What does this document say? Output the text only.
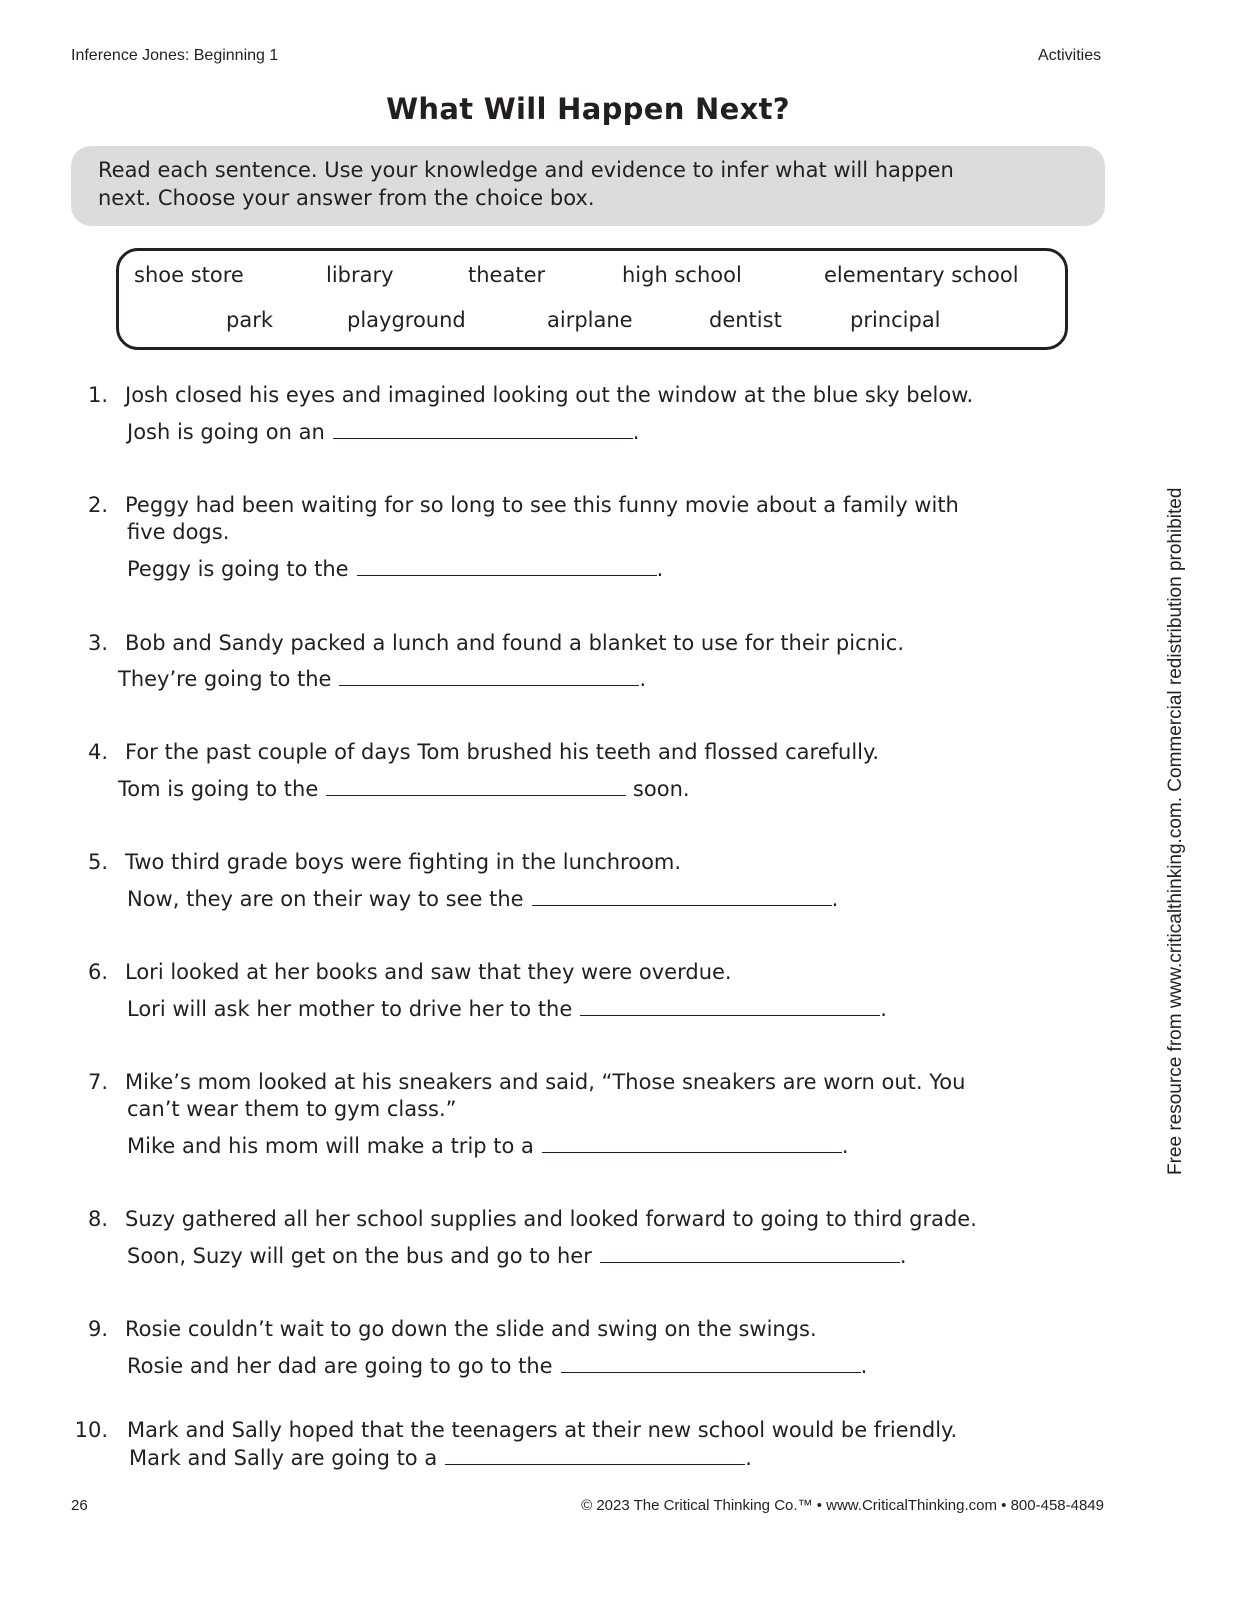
Inference Jones: Beginning 1	Activities
What Will Happen Next?
Read each sentence. Use your knowledge and evidence to infer what will happen
next. Choose your answer from the choice box.
shoe store	library	theater	high school	elementary school
park	playground	airplane	dentist	principal
1. Josh closed his eyes and imagined looking out the window at the blue sky below.
Josh is going on an	.
2. Peggy had been waiting for so long to see this funny movie about a family with
five dogs.
Peggy is going to the	.
3. Bob and Sandy packed a lunch and found a blanket to use for their picnic.
They’re going to the	.
4. For the past couple of days Tom brushed his teeth and flossed carefully.
Tom is going to the	soon.
5. Two third grade boys were fighting in the lunchroom.
Now, they are on their way to see the	.
6. Lori looked at her books and saw that they were overdue.
Lori will ask her mother to drive her to the	.
7. Mike’s mom looked at his sneakers and said, “Those sneakers are worn out. You
can’t wear them to gym class.”
Mike and his mom will make a trip to a	.
8. Suzy gathered all her school supplies and looked forward to going to third grade.
Soon, Suzy will get on the bus and go to her	.
9. Rosie couldn’t wait to go down the slide and swing on the swings.
Rosie and her dad are going to go to the	.
10. Mark and Sally hoped that the teenagers at their new school would be friendly.
Mark and Sally are going to a	.
Free resource from www.criticalthinking.com. Commercial redistribution prohibited
26	© 2023 The Critical Thinking Co.™ • www.CriticalThinking.com • 800-458-4849
